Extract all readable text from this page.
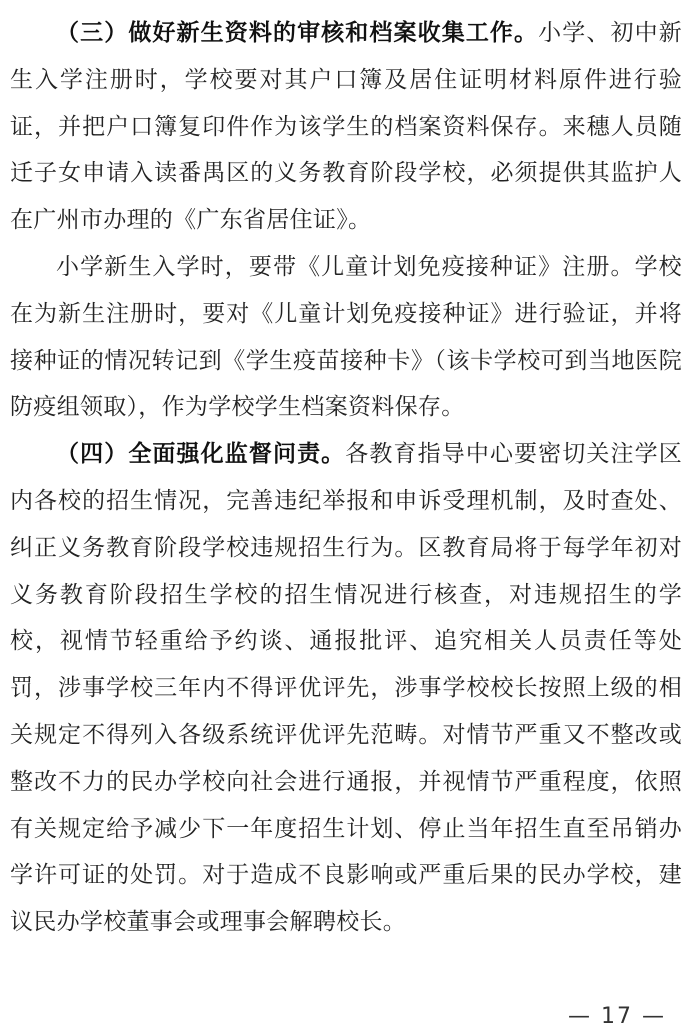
（三）做好新生资料的审核和档案收集工作。小学、初中新生入学注册时，学校要对其户口簿及居住证明材料原件进行验证，并把户口簿复印件作为该学生的档案资料保存。来穗人员随迁子女申请入读番禺区的义务教育阶段学校，必须提供其监护人在广州市办理的《广东省居住证》。

小学新生入学时，要带《儿童计划免疫接种证》注册。学校在为新生注册时，要对《儿童计划免疫接种证》进行验证，并将接种证的情况转记到《学生疫苗接种卡》（该卡学校可到当地医院防疫组领取），作为学校学生档案资料保存。

（四）全面强化监督问责。各教育指导中心要密切关注学区内各校的招生情况，完善违纪举报和申诉受理机制，及时查处、纠正义务教育阶段学校违规招生行为。区教育局将于每学年初对义务教育阶段招生学校的招生情况进行核查，对违规招生的学校，视情节轻重给予约谈、通报批评、追究相关人员责任等处罚，涉事学校三年内不得评优评先，涉事学校校长按照上级的相关规定不得列入各级系统评优评先范畴。对情节严重又不整改或整改不力的民办学校向社会进行通报，并视情节严重程度，依照有关规定给予减少下一年度招生计划、停止当年招生直至吊销办学许可证的处罚。对于造成不良影响或严重后果的民办学校，建议民办学校董事会或理事会解聘校长。

— 17 —
